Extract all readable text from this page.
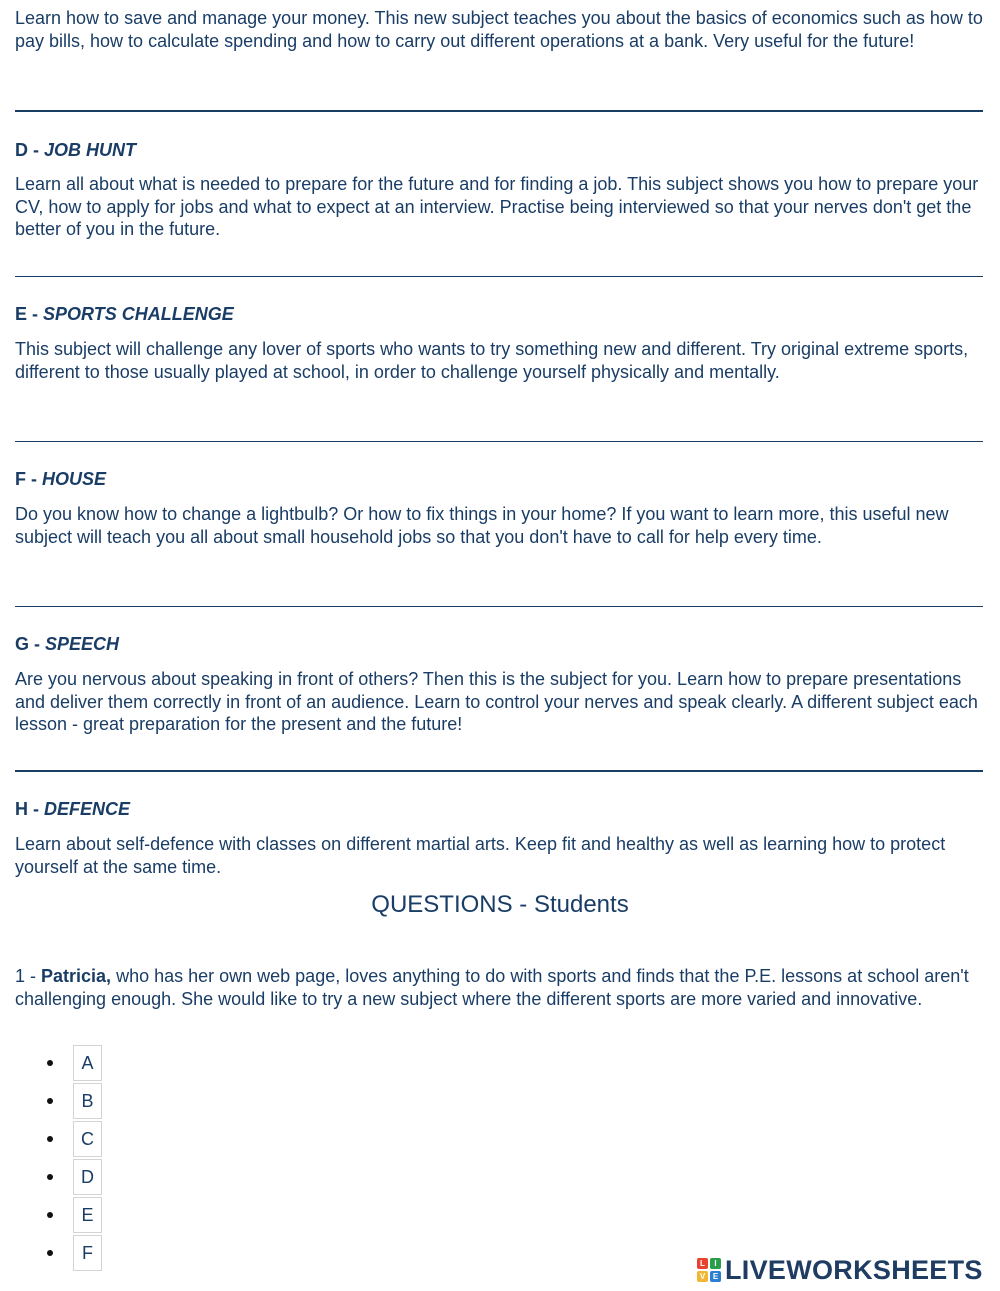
Learn how to save and manage your money. This new subject teaches you about the basics of economics such as how to pay bills, how to calculate spending and how to carry out different operations at a bank. Very useful for the future!

D - JOB HUNT

Learn all about what is needed to prepare for the future and for finding a job. This subject shows you how to prepare your CV, how to apply for jobs and what to expect at an interview. Practise being interviewed so that your nerves don't get the better of you in the future.

E - SPORTS CHALLENGE

This subject will challenge any lover of sports who wants to try something new and different. Try original extreme sports, different to those usually played at school, in order to challenge yourself physically and mentally.

F - HOUSE

Do you know how to change a lightbulb? Or how to fix things in your home? If you want to learn more, this useful new subject will teach you all about small household jobs so that you don't have to call for help every time.

G - SPEECH

Are you nervous about speaking in front of others? Then this is the subject for you. Learn how to prepare presentations and deliver them correctly in front of an audience. Learn to control your nerves and speak clearly. A different subject each lesson - great preparation for the present and the future!

H - DEFENCE

Learn about self-defence with classes on different martial arts. Keep fit and healthy as well as learning how to protect yourself at the same time.

QUESTIONS - Students

1 - Patricia, who has her own web page, loves anything to do with sports and finds that the P.E. lessons at school aren't challenging enough. She would like to try a new subject where the different sports are more varied and innovative.

A
B
C
D
E
F
L	I
V E LIVEWORKSHEETS
